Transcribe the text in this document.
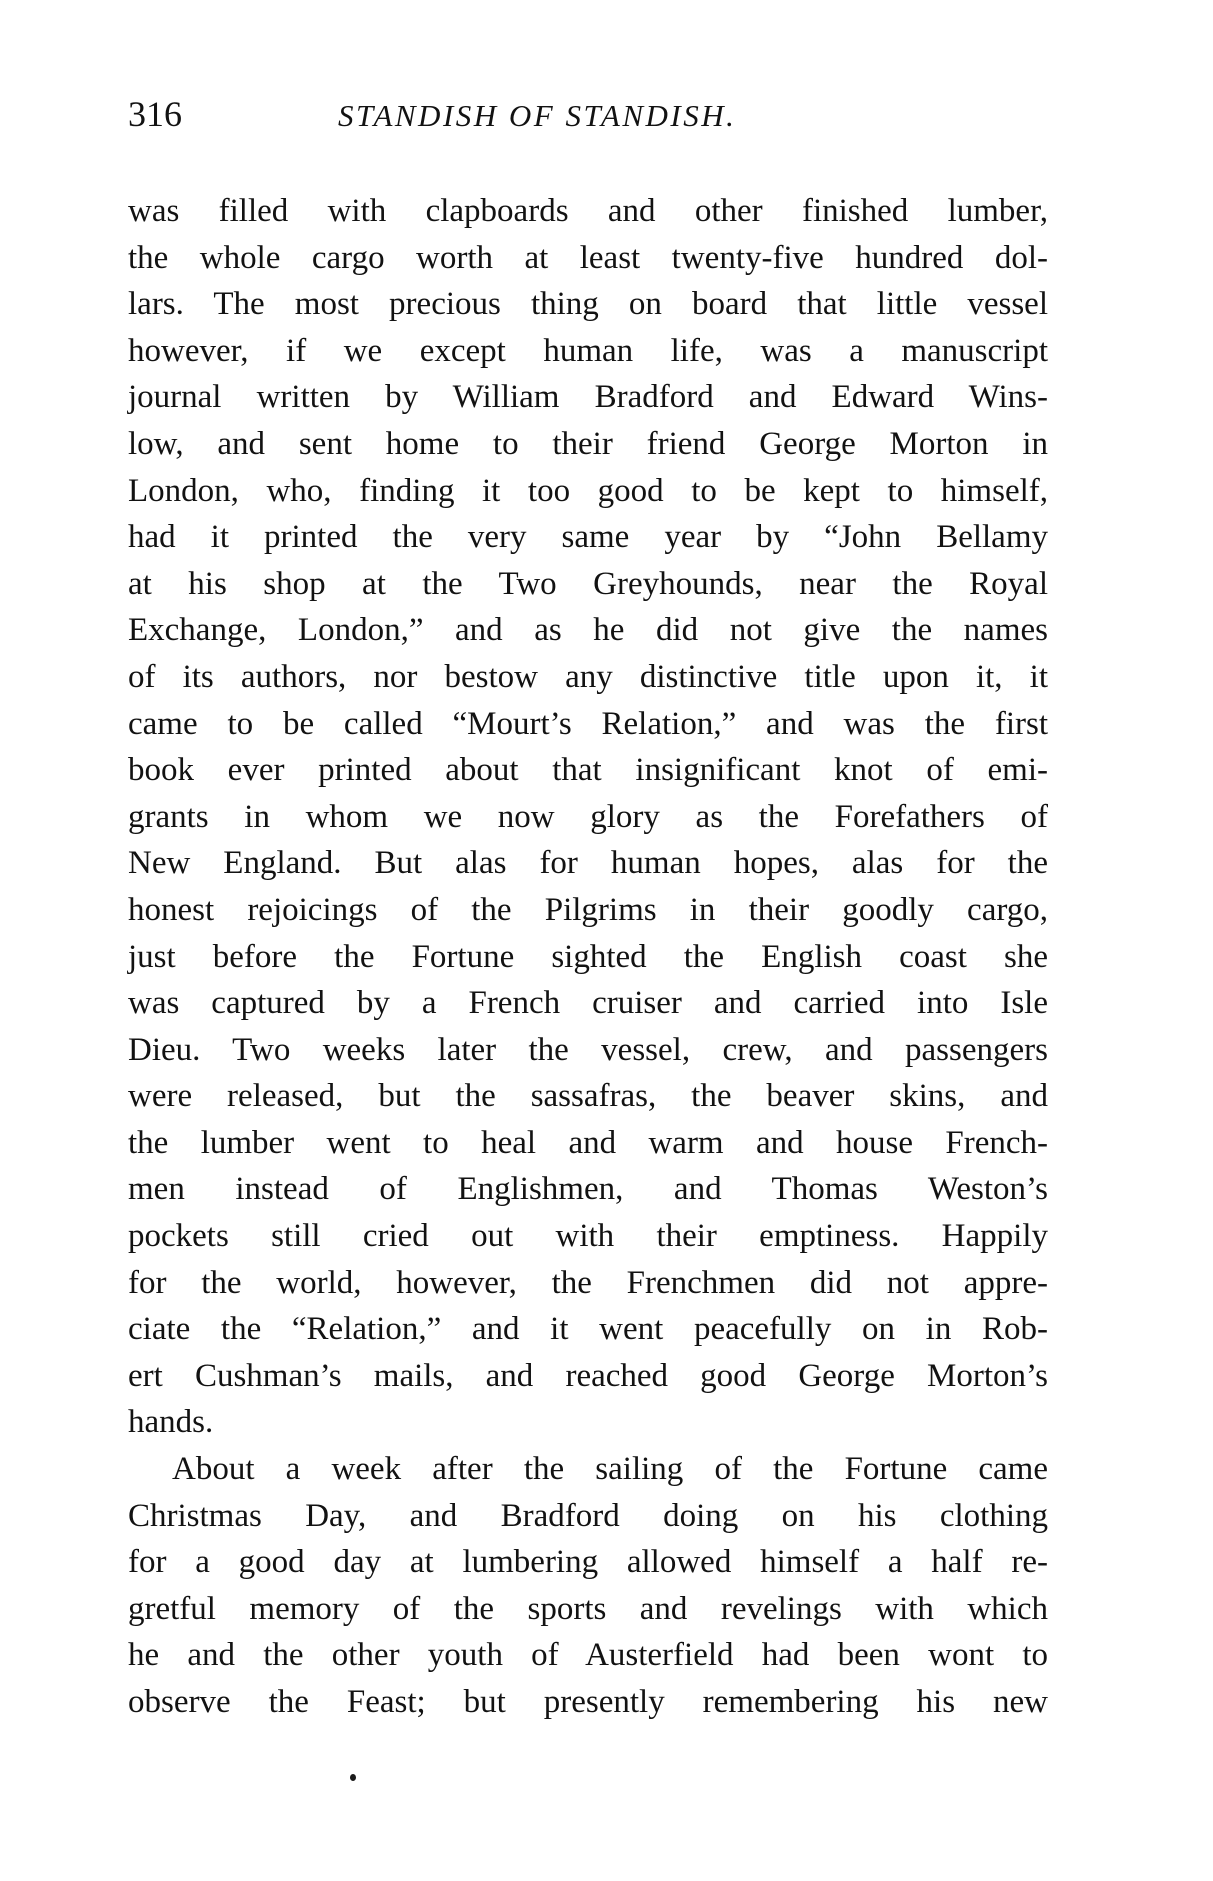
316	STANDISH OF STANDISH.
was filled with clapboards and other finished lumber,
the whole cargo worth at least twenty-five hundred dol-
lars. The most precious thing on board that little vessel
however, if we except human life, was a manuscript
journal written by William Bradford and Edward Wins-
low, and sent home to their friend George Morton in
London, who, finding it too good to be kept to himself,
had it printed the very same year by “John Bellamy
at his shop at the Two Greyhounds, near the Royal
Exchange, London,” and as he did not give the names
of its authors, nor bestow any distinctive title upon it, it
came to be called “Mourt’s Relation,” and was the first
book ever printed about that insignificant knot of emi-
grants in whom we now glory as the Forefathers of
New England. But alas for human hopes, alas for the
honest rejoicings of the Pilgrims in their goodly cargo,
just before the Fortune sighted the English coast she
was captured by a French cruiser and carried into Isle
Dieu. Two weeks later the vessel, crew, and passengers
were released, but the sassafras, the beaver skins, and
the lumber went to heal and warm and house French-
men instead of Englishmen, and Thomas Weston’s
pockets still cried out with their emptiness. Happily
for the world, however, the Frenchmen did not appre-
ciate the “Relation,” and it went peacefully on in Rob-
ert Cushman’s mails, and reached good George Morton’s
hands.
About a week after the sailing of the Fortune came
Christmas Day, and Bradford doing on his clothing
for a good day at lumbering allowed himself a half re-
gretful memory of the sports and revelings with which
he and the other youth of Austerfield had been wont to
observe the Feast; but presently remembering his new
